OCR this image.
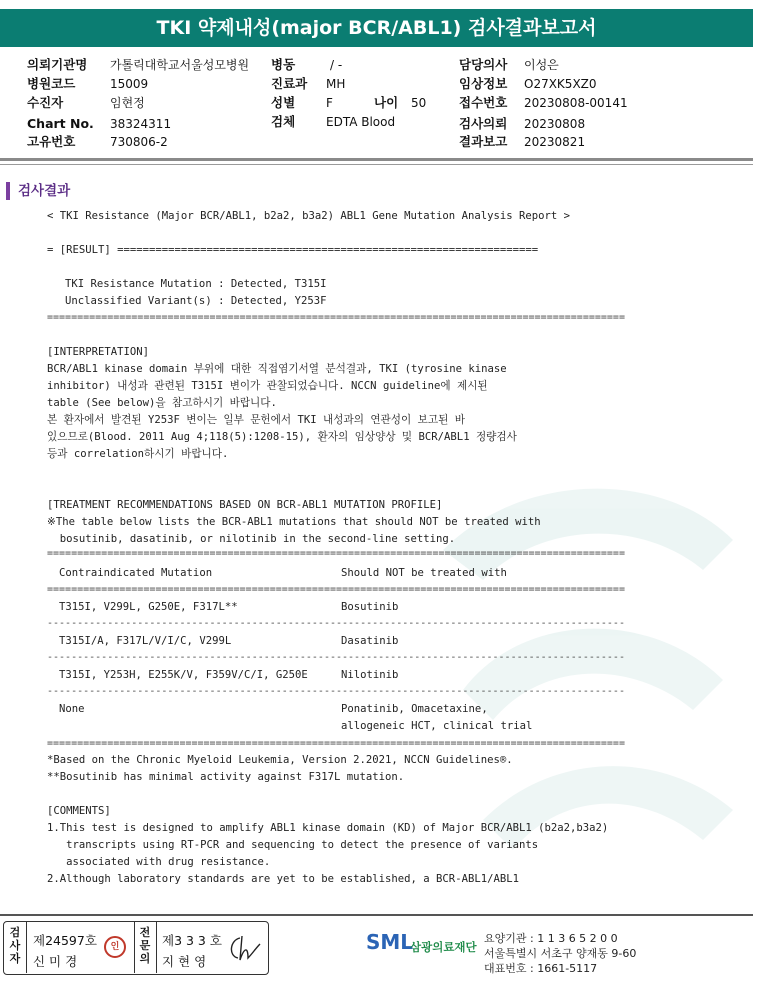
TKI 약제내성(major BCR/ABL1) 검사결과보고서
의뢰기관명 가톨릭대학교서울성모병원
병원코드	15009
수진자	임현정
Chart No. 38324311
고유번호	730806-2
병동	/ -
진료과 MH
성별	F	나이 50
검체	EDTA Blood
담당의사 이성은
임상정보 O27XK5XZ0
접수번호 20230808-00141
검사의뢰 20230808
결과보고 20230821
검사결과
< TKI Resistance (Major BCR/ABL1, b2a2, b3a2) ABL1 Gene Mutation Analysis Report >
= [RESULT] ==================================================================
TKI Resistance Mutation : Detected, T315I
Unclassified Variant(s) : Detected, Y253F
================================================================================================
[INTERPRETATION]
BCR/ABL1 kinase domain 부위에 대한 직접염기서열 분석결과, TKI (tyrosine kinase
inhibitor) 내성과 관련된 T315I 변이가 관찰되었습니다. NCCN guideline에 제시된
table (See below)을 참고하시기 바랍니다.
본 환자에서 발견된 Y253F 변이는 일부 문헌에서 TKI 내성과의 연관성이 보고된 바
있으므로(Blood. 2011 Aug 4;118(5):1208-15), 환자의 임상양상 및 BCR/ABL1 정량검사
등과 correlation하시기 바랍니다.
[TREATMENT RECOMMENDATIONS BASED ON BCR-ABL1 MUTATION PROFILE]
※The table below lists the BCR-ABL1 mutations that should NOT be treated with
bosutinib, dasatinib, or nilotinib in the second-line setting.
================================================================================================
Contraindicated Mutation	Should NOT be treated with
================================================================================================
T315I, V299L, G250E, F317L**	Bosutinib
------------------------------------------------------------------------------------------------
T315I/A, F317L/V/I/C, V299L	Dasatinib
------------------------------------------------------------------------------------------------
T315I, Y253H, E255K/V, F359V/C/I, G250E	Nilotinib
------------------------------------------------------------------------------------------------
None	Ponatinib, Omacetaxine,
allogeneic HCT, clinical trial
================================================================================================
*Based on the Chronic Myeloid Leukemia, Version 2.2021, NCCN Guidelines®.
**Bosutinib has minimal activity against F317L mutation.
[COMMENTS]
1.This test is designed to amplify ABL1 kinase domain (KD) of Major BCR/ABL1 (b2a2,b3a2)
transcripts using RT-PCR and sequencing to detect the presence of variants
associated with drug resistance.
2.Although laboratory standards are yet to be established, a BCR-ABL1/ABL1
검사자
제24597호
신 미 경
인
전문의
제3 3 3 호
지 현 영
SML
삼광의료재단
요양기관 : 1 1 3 6 5 2 0 0
서울특별시 서초구 양재동 9-60
대표번호 : 1661-5117
